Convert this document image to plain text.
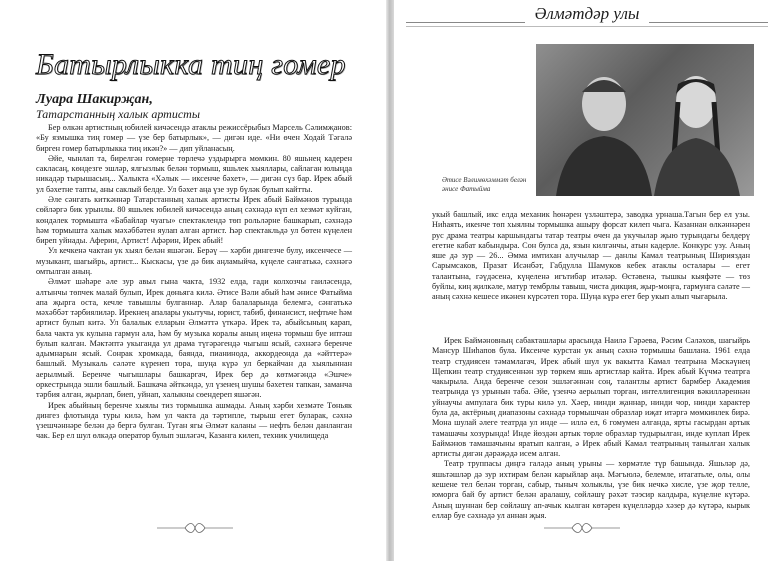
Батырлыкка тиң гомер
Луара Шакирҗан,
Татарстанның халык артисты

Бер өлкән артистның юбилей кичәсендә атаклы режиссёрыбыз Марсель Сәлимҗанов: «Бу язмышка тиң гомер — үзе бер батырлык», — дигән иде. «Ни өчен Ходай Тәгалә бирген гомер батырлыкка тиң икән?» — дип уйланасың.

Әйе, чынлап та, бирелгән гомерне төрлечә уздырырга мөмкин. 80 яшьнең кадерен сакласаң, көндезге эшләр, ялгызлык белән тормыш, яшьлек хыяллары, сайлаган юлыңда никадәр тырышасың... Халыкта «Хәлык — иксенче бәхет», — дигән сүз бар. Ирек абый ул бәхетне тапты, аны саклый белде. Ул бәхет аңа үзе зур бүләк булып кайтты.

Әле сәнгать киткәннәр Татарстанның халык артисты Ирек абый Баймәнов турында сөйләргә бик урынлы. 80 яшьлек юбилей кичәсендә аның сәхнәдә күп ел хезмәт куйган, көндәлек тормышта «Бабайлар чуагы» спектаклендә төп рольләрне башкарып, сәхнәдә һәм тормышта халык мәхәббәтен яулап алган артист. Һәр спектакльдә ул бөтен күңелен биреп уйнады. Аферин, Артист! Афәрин, Ирек абый!

Ул кечкенә чактан ук хыял белән яшәгән. Берәү — хәрби дингезче булу, иксенчесе — музыкант, шагыйрь, артист... Кыскасы, үзе дә бик аңламыйча, күңеле сәнгатькә, сәхнәгә омтылган аның.

Әлмәт шәһәре әле зур авыл гына чакта, 1932 елда, гади колхозчы гаиләсендә, алтынчы төпчек малай булып, Ирек дөньяга килә. Әтисе Вәли абый һәм әнисе Фатыйма апа җырга оста, кечле тавышлы булганнар. Алар балаларында белемгә, сәнгатькә мәхәббәт тәрбиялиләр. Ирекнең апалары укытучы, юрист, табиб, финансист, нефтьче һәм артист булып китә. Ул балалык елларын Әлмәттә үткәрә. Ирек тә, абыйсының карап, бала чакта ук кулына гармун ала, һәм бу музыка коралы аның иңенә тормыш буе иптәш булып калган. Мәктәптә укыганда ул драма түгәрәгендә чыгыш ясый, сәхнәгә беренче адымнарын ясый. Сонрак хромкада, баянда, пианинода, аккордеонда да «әйттерә» башлый. Музыкаль сәләте күренеп тора, шуңа күрә ул беркайчан да хыялыннан аерылмый. Беренче чыгышлары башкаргач, Ирек бер дә көтмәгәндә «Эшче» оркестрында эшли башлый. Башкача әйткәндә, ул үзенең шушы бәхетен тапкан, заманча тәрбия алган, җырлап, биеп, уйнап, халыкны сөендереп яшәгән.

Ирек абыйның беренче хыялы тиз тормышка ашмады. Аның хәрби хезмәте Төньяк дингез флотында туры килә, һәм ул чакта да тәртипле, тырыш егет буларак, сәхнә үзешчәннәре белән дә бергә булган. Туган ягы Әлмәт каланы — нефть белән данланган чак. Бер ел шул өлкәдә оператор булып эшләгәч, Казанга килеп, техник училищеда

Әлмәтдәр улы
Әтисе Вәлимөхәммәт белән әнисе Фатыйма

укый башлый, икс елда механик һөнәрен үзләштерә, заводка урнаша.Тагын бер ел узы. Ниһаять, икенче төп хыялны тормышка ашыру форсат килеп чыга. Казаннан өлкәннәрен рус драма театры каршындагы татар театры өчен да укучылар җыю турындагы белдерү егетне кабат кабындыра. Сон булса да, язын килгәнчы, атын кадерле. Конкурс узу. Аның яше дә зур — 26... Әмма имтихан алучылар — данлы Камал театрының Ширияздан Сарымсаков, Празат Исәнбәт, Габдулла Шамуков кебек атаклы осталары — егет талантына, гәүдәсенә, күңеленә игътибар итәләр. Өстәвенә, тышкы кыяфәте — төз буйлы, киң җилкәле, матур тембрлы тавыш, чиста дикция, җыр-моңга, гармунга сәләте — аның сәхнә кешесе икәнен күрсәтеп тора. Шуңа күрә егет бер укып алып чыгарыла.

Ирек Баймәновның сабакташлары арасында Наилә Гәрәева, Рәсим Сәләхов, шагыйрь Мансур Шиһапов була. Иксенче курстан ук аның сәхнә тормышы башлана. 1961 елда театр студиясен тәмамлагач, Ирек абый шул ук вакытта Камал театрына Мәскәүнең Щепкин театр студиясеннән зур төркем яшь артистлар кайта. Ирек абый Күчмә театрга чакырыла. Анда беренче сезон эшләгәннән соң, талантлы артист бармбер Академия театрында үз урынын таба. Әйе, үзенчә аерылып торган, интеллигенция вәкилләреннән уйнаучы ампулага бик туры килә ул. Хәер, нинди җаннар, нинди чор, нинди характер була да, актёрның диапазоны сәхнәдә тормышчан образлар иҗат итәргә мөмкинлек бирә. Мона шулай әлеге театрда ул инде — иллә ел, 6 гомумен алганда, ярты гасырдан артык тамашачы хозурында! Инде йөздән артык төрле образлар тудырылган, инде куплап Ирек Баймәнов тамашачыны яратып калган, ә Ирек абый Камал театрының танылган халык артисты дигән дәрәҗәдә исем алган.

Театр труппасы диңгә галәдә аның урыны — хөрмәтле түр башында. Яшьләр дә, яшьтәшләр дә зур ихтирам белән карыйлар аңа. Мәгъюлә, белемле, итагатьле, олы, олы кешене тел белән торган, сабыр, тыныч холыклы, үзе бик нечкә хисле, үзе җор телле, юморга бай бу артист белән аралашу, сөйләшү рәхәт тәэсир калдыра, күңелне күтәрә. Аның шуннан бер сөйләшү ап-ачык кылган көтәрен күңелләрдә хәзер дә күтәрә, кырык еллар буе сәхнәдә ул аннан җыя.
